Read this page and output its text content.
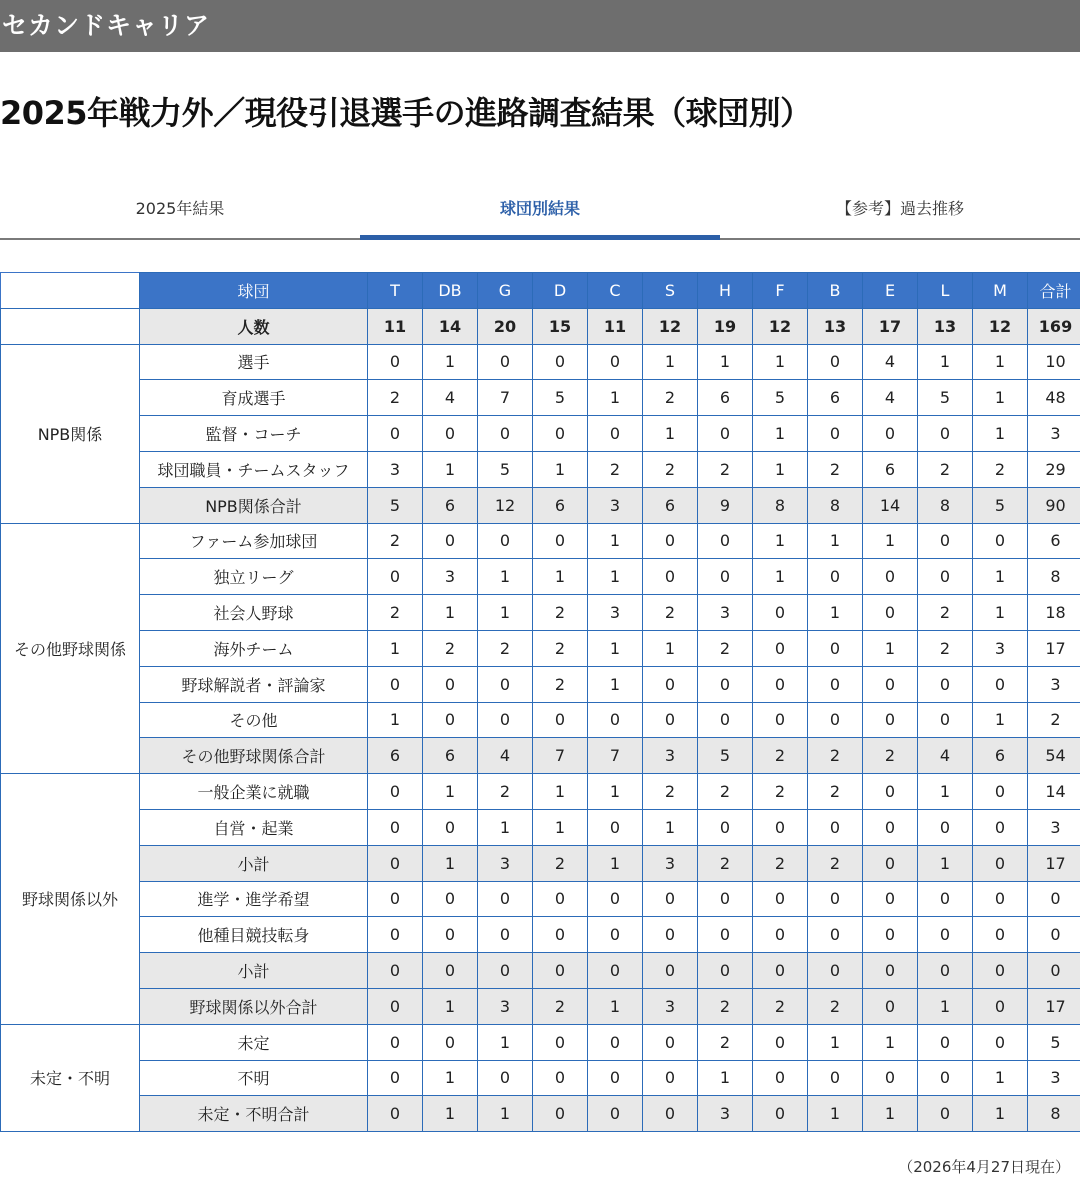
セカンドキャリア
2025年戦力外／現役引退選手の進路調査結果（球団別）
2025年結果	球団別結果	【参考】過去推移
	球団	T	DB	G	D	C	S	H	F	B	E	L	M	合計
	人数	11	14	20	15	11	12	19	12	13	17	13	12	169
NPB関係	選手	0	1	0	0	0	1	1	1	0	4	1	1	10
	育成選手	2	4	7	5	1	2	6	5	6	4	5	1	48
	監督・コーチ	0	0	0	0	0	1	0	1	0	0	0	1	3
	球団職員・チームスタッフ	3	1	5	1	2	2	2	1	2	6	2	2	29
	NPB関係合計	5	6	12	6	3	6	9	8	8	14	8	5	90
その他野球関係	ファーム参加球団	2	0	0	0	1	0	0	1	1	1	0	0	6
	独立リーグ	0	3	1	1	1	0	0	1	0	0	0	1	8
	社会人野球	2	1	1	2	3	2	3	0	1	0	2	1	18
	海外チーム	1	2	2	2	1	1	2	0	0	1	2	3	17
	野球解説者・評論家	0	0	0	2	1	0	0	0	0	0	0	0	3
	その他	1	0	0	0	0	0	0	0	0	0	0	1	2
	その他野球関係合計	6	6	4	7	7	3	5	2	2	2	4	6	54
野球関係以外	一般企業に就職	0	1	2	1	1	2	2	2	2	0	1	0	14
	自営・起業	0	0	1	1	0	1	0	0	0	0	0	0	3
	小計	0	1	3	2	1	3	2	2	2	0	1	0	17
	進学・進学希望	0	0	0	0	0	0	0	0	0	0	0	0	0
	他種目競技転身	0	0	0	0	0	0	0	0	0	0	0	0	0
	小計	0	0	0	0	0	0	0	0	0	0	0	0	0
	野球関係以外合計	0	1	3	2	1	3	2	2	2	0	1	0	17
未定・不明	未定	0	0	1	0	0	0	2	0	1	1	0	0	5
	不明	0	1	0	0	0	0	1	0	0	0	0	1	3
	未定・不明合計	0	1	1	0	0	0	3	0	1	1	0	1	8
（2026年4月27日現在）
